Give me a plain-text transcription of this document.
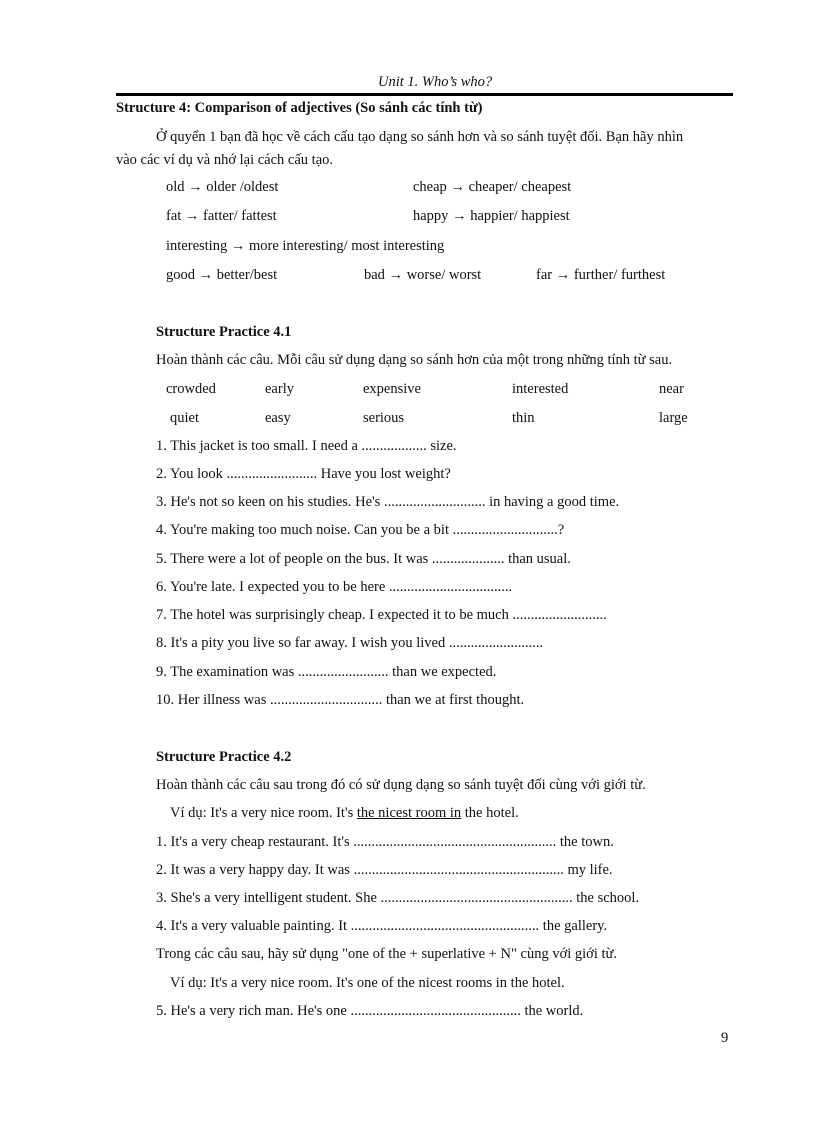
Unit 1. Who’s who?
Structure 4: Comparison of adjectives (So sánh các tính từ)
Ở quyển 1 bạn đã học về cách cấu tạo dạng so sánh hơn và so sánh tuyệt đối. Bạn hãy nhìn
vào các ví dụ và nhớ lại cách cấu tạo.
old → older /oldest	cheap → cheaper/ cheapest
fat → fatter/ fattest	happy → happier/ happiest
interesting → more interesting/ most interesting
good → better/best	bad → worse/ worst	far → further/ furthest
Structure Practice 4.1
Hoàn thành các câu. Mỗi câu sử dụng dạng so sánh hơn của một trong những tính từ sau.
crowded	early	expensive	interested	near
quiet	easy	serious	thin	large
1. This jacket is too small. I need a .................. size.
2. You look ......................... Have you lost weight?
3. He's not so keen on his studies. He's ............................ in having a good time.
4. You're making too much noise. Can you be a bit .............................?
5. There were a lot of people on the bus. It was .................... than usual.
6. You're late. I expected you to be here ..................................
7. The hotel was surprisingly cheap. I expected it to be much ..........................
8. It's a pity you live so far away. I wish you lived ..........................
9. The examination was ......................... than we expected.
10. Her illness was ............................... than we at first thought.
Structure Practice 4.2
Hoàn thành các câu sau trong đó có sử dụng dạng so sánh tuyệt đối cùng với giới từ.
Ví dụ: It's a very nice room. It's the nicest room in the hotel.
1. It's a very cheap restaurant. It's ........................................................ the town.
2. It was a very happy day. It was .......................................................... my life.
3. She's a very intelligent student. She ..................................................... the school.
4. It's a very valuable painting. It .................................................... the gallery.
Trong các câu sau, hãy sử dụng "one of the + superlative + N" cùng với giới từ.
Ví dụ: It's a very nice room. It's one of the nicest rooms in the hotel.
5. He's a very rich man. He's one ............................................... the world.
9
